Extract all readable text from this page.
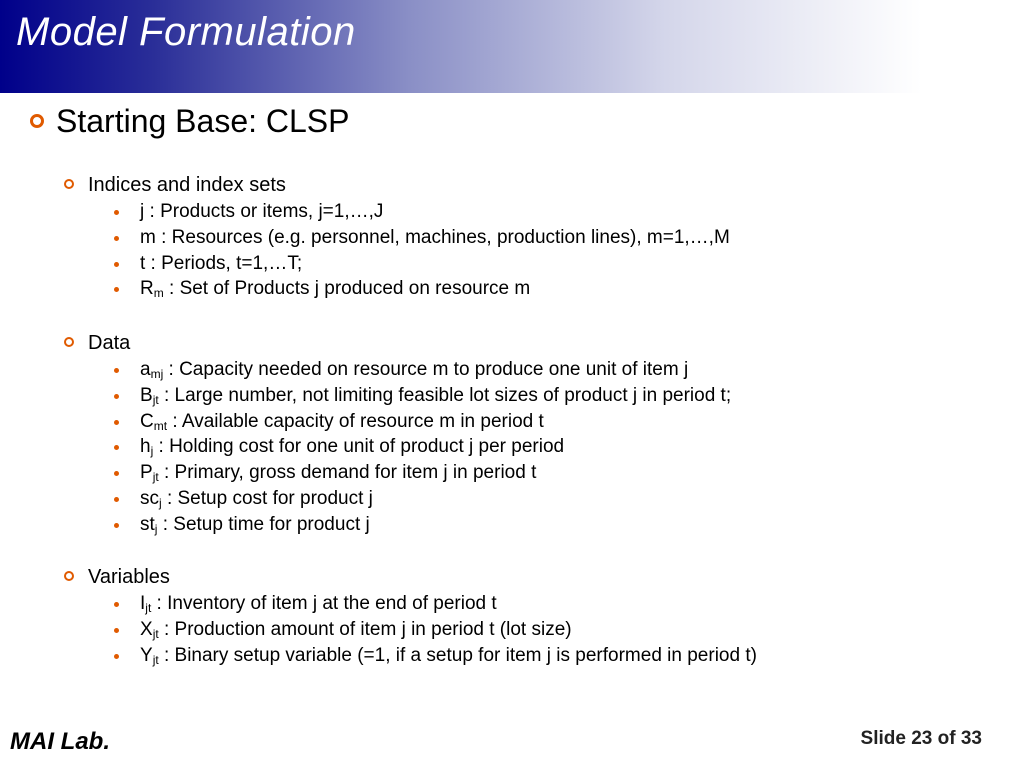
Model Formulation
Starting Base: CLSP
Indices and index sets
j : Products or items, j=1,…,J
m : Resources (e.g. personnel, machines, production lines), m=1,…,M
t : Periods, t=1,…T;
$R_m$ : Set of Products j produced on resource m
Data
$a_{mj}$ : Capacity needed on resource m to produce one unit of item j
$B_{jt}$ : Large number, not limiting feasible lot sizes of product j in period t;
$C_{mt}$ : Available capacity of resource m in period t
$h_j$ : Holding cost for one unit of product j per period
$P_{jt}$ : Primary, gross demand for item j in period t
$sc_j$ : Setup cost for product j
$st_j$ : Setup time for product j
Variables
$I_{jt}$ : Inventory of item j at the end of period t
$X_{jt}$ : Production amount of item j in period t (lot size)
$Y_{jt}$ : Binary setup variable (=1, if a setup for item j is performed in period t)
MAI Lab.	Slide 23 of 33
